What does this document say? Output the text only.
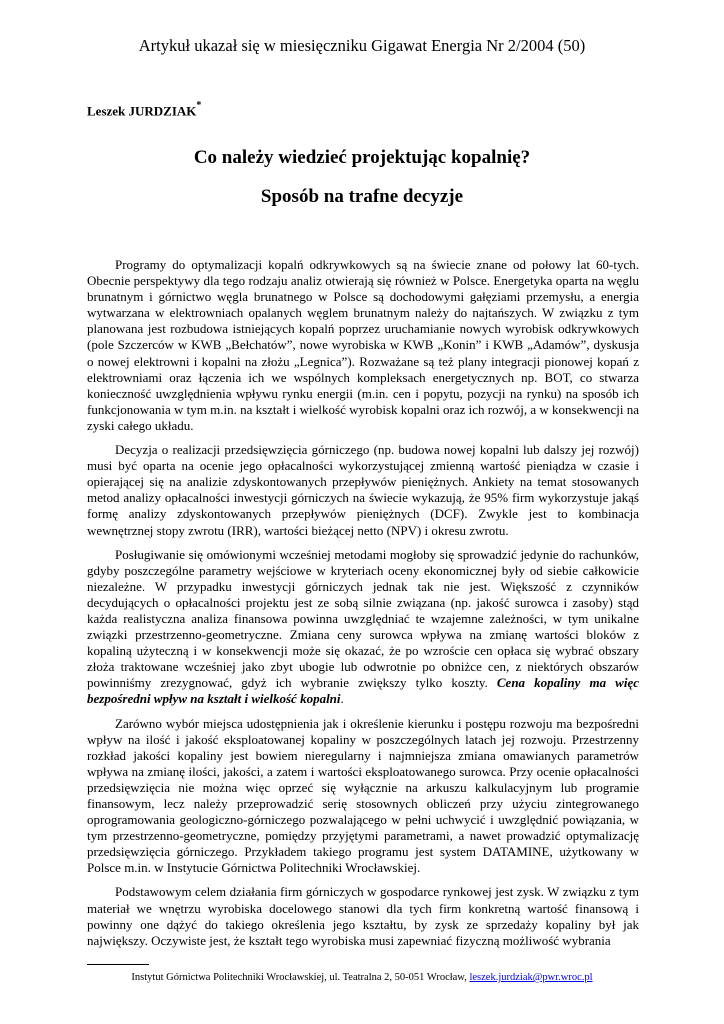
Artykuł ukazał się w miesięczniku Gigawat Energia Nr 2/2004 (50)
Leszek JURDZIAK*
Co należy wiedzieć projektując kopalnię?
Sposób na trafne decyzje

Programy do optymalizacji kopalń odkrywkowych są na świecie znane od połowy lat 60-tych. Obecnie perspektywy dla tego rodzaju analiz otwierają się również w Polsce. Energetyka oparta na węglu brunatnym i górnictwo węgla brunatnego w Polsce są dochodowymi gałęziami przemysłu, a energia wytwarzana w elektrowniach opalanych węglem brunatnym należy do najtańszych. W związku z tym planowana jest rozbudowa istniejących kopalń poprzez uruchamianie nowych wyrobisk odkrywkowych (pole Szczerców w KWB „Bełchatów”, nowe wyrobiska w KWB „Konin” i KWB „Adamów”, dyskusja o nowej elektrowni i kopalni na złożu „Legnica”). Rozważane są też plany integracji pionowej kopań z elektrowniami oraz łączenia ich we wspólnych kompleksach energetycznych np. BOT, co stwarza konieczność uwzględnienia wpływu rynku energii (m.in. cen i popytu, pozycji na rynku) na sposób ich funkcjonowania w tym m.in. na kształt i wielkość wyrobisk kopalni oraz ich rozwój, a w konsekwencji na zyski całego układu.

Decyzja o realizacji przedsięwzięcia górniczego (np. budowa nowej kopalni lub dalszy jej rozwój) musi być oparta na ocenie jego opłacalności wykorzystującej zmienną wartość pieniądza w czasie i opierającej się na analizie zdyskontowanych przepływów pieniężnych. Ankiety na temat stosowanych metod analizy opłacalności inwestycji górniczych na świecie wykazują, że 95% firm wykorzystuje jakąś formę analizy zdyskontowanych przepływów pieniężnych (DCF). Zwykle jest to kombinacja wewnętrznej stopy zwrotu (IRR), wartości bieżącej netto (NPV) i okresu zwrotu.

Posługiwanie się omówionymi wcześniej metodami mogłoby się sprowadzić jedynie do rachunków, gdyby poszczególne parametry wejściowe w kryteriach oceny ekonomicznej były od siebie całkowicie niezależne. W przypadku inwestycji górniczych jednak tak nie jest. Większość z czynników decydujących o opłacalności projektu jest ze sobą silnie związana (np. jakość surowca i zasoby) stąd każda realistyczna analiza finansowa powinna uwzględniać te wzajemne zależności, w tym unikalne związki przestrzenno-geometryczne. Zmiana ceny surowca wpływa na zmianę wartości bloków z kopaliną użyteczną i w konsekwencji może się okazać, że po wzroście cen opłaca się wybrać obszary złoża traktowane wcześniej jako zbyt ubogie lub odwrotnie po obniżce cen, z niektórych obszarów powinniśmy zrezygnować, gdyż ich wybranie zwiększy tylko koszty. Cena kopaliny ma więc bezpośredni wpływ na kształt i wielkość kopalni.

Zarówno wybór miejsca udostępnienia jak i określenie kierunku i postępu rozwoju ma bezpośredni wpływ na ilość i jakość eksploatowanej kopaliny w poszczególnych latach jej rozwoju. Przestrzenny rozkład jakości kopaliny jest bowiem nieregularny i najmniejsza zmiana omawianych parametrów wpływa na zmianę ilości, jakości, a zatem i wartości eksploatowanego surowca. Przy ocenie opłacalności przedsięwzięcia nie można więc oprzeć się wyłącznie na arkuszu kalkulacyjnym lub programie finansowym, lecz należy przeprowadzić serię stosownych obliczeń przy użyciu zintegrowanego oprogramowania geologiczno-górniczego pozwalającego w pełni uchwycić i uwzględnić powiązania, w tym przestrzenno-geometryczne, pomiędzy przyjętymi parametrami, a nawet prowadzić optymalizację przedsięwzięcia górniczego. Przykładem takiego programu jest system DATAMINE, użytkowany w Polsce m.in. w Instytucie Górnictwa Politechniki Wrocławskiej.

Podstawowym celem działania firm górniczych w gospodarce rynkowej jest zysk. W związku z tym materiał we wnętrzu wyrobiska docelowego stanowi dla tych firm konkretną wartość finansową i powinny one dążyć do takiego określenia jego kształtu, by zysk ze sprzedaży kopaliny był jak największy. Oczywiste jest, że kształt tego wyrobiska musi zapewniać fizyczną możliwość wybrania

Instytut Górnictwa Politechniki Wrocławskiej, ul. Teatralna 2, 50-051 Wrocław, leszek.jurdziak@pwr.wroc.pl
